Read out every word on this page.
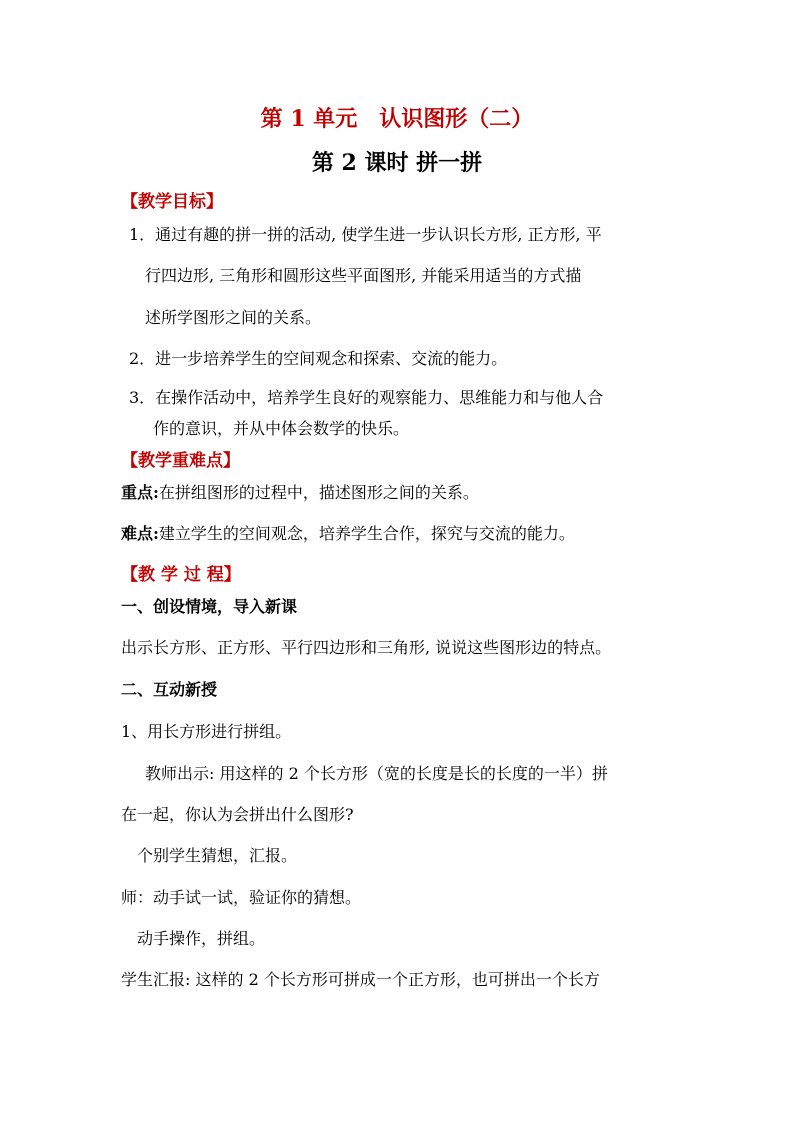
第 1 单元　认识图形（二）
第 2 课时 拼一拼
【教学目标】
1．通过有趣的拼一拼的活动, 使学生进一步认识长方形, 正方形, 平
行四边形, 三角形和圆形这些平面图形, 并能采用适当的方式描
述所学图形之间的关系。
2．进一步培养学生的空间观念和探索、交流的能力。
3．在操作活动中，培养学生良好的观察能力、思维能力和与他人合
作的意识，并从中体会数学的快乐。
【教学重难点】
重点:在拼组图形的过程中，描述图形之间的关系。
难点:建立学生的空间观念，培养学生合作，探究与交流的能力。
【教 学 过 程】
一、创设情境，导入新课
出示长方形、正方形、平行四边形和三角形, 说说这些图形边的特点。
二、互动新授
1、用长方形进行拼组。
教师出示: 用这样的 2 个长方形（宽的长度是长的长度的一半）拼
在一起，你认为会拼出什么图形?
个别学生猜想，汇报。
师：动手试一试，验证你的猜想。
动手操作，拼组。
学生汇报: 这样的 2 个长方形可拼成一个正方形，也可拼出一个长方
